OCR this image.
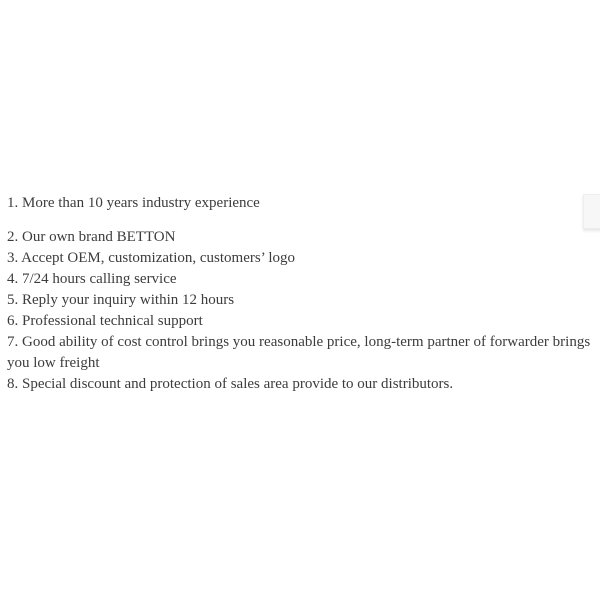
1. More than 10 years industry experience

2. Our own brand BETTON

3. Accept OEM, customization, customers’ logo

4. 7/24 hours calling service

5. Reply your inquiry within 12 hours

6. Professional technical support

7. Good ability of cost control brings you reasonable price, long-term partner of forwarder brings you low freight

8. Special discount and protection of sales area provide to our distributors.
